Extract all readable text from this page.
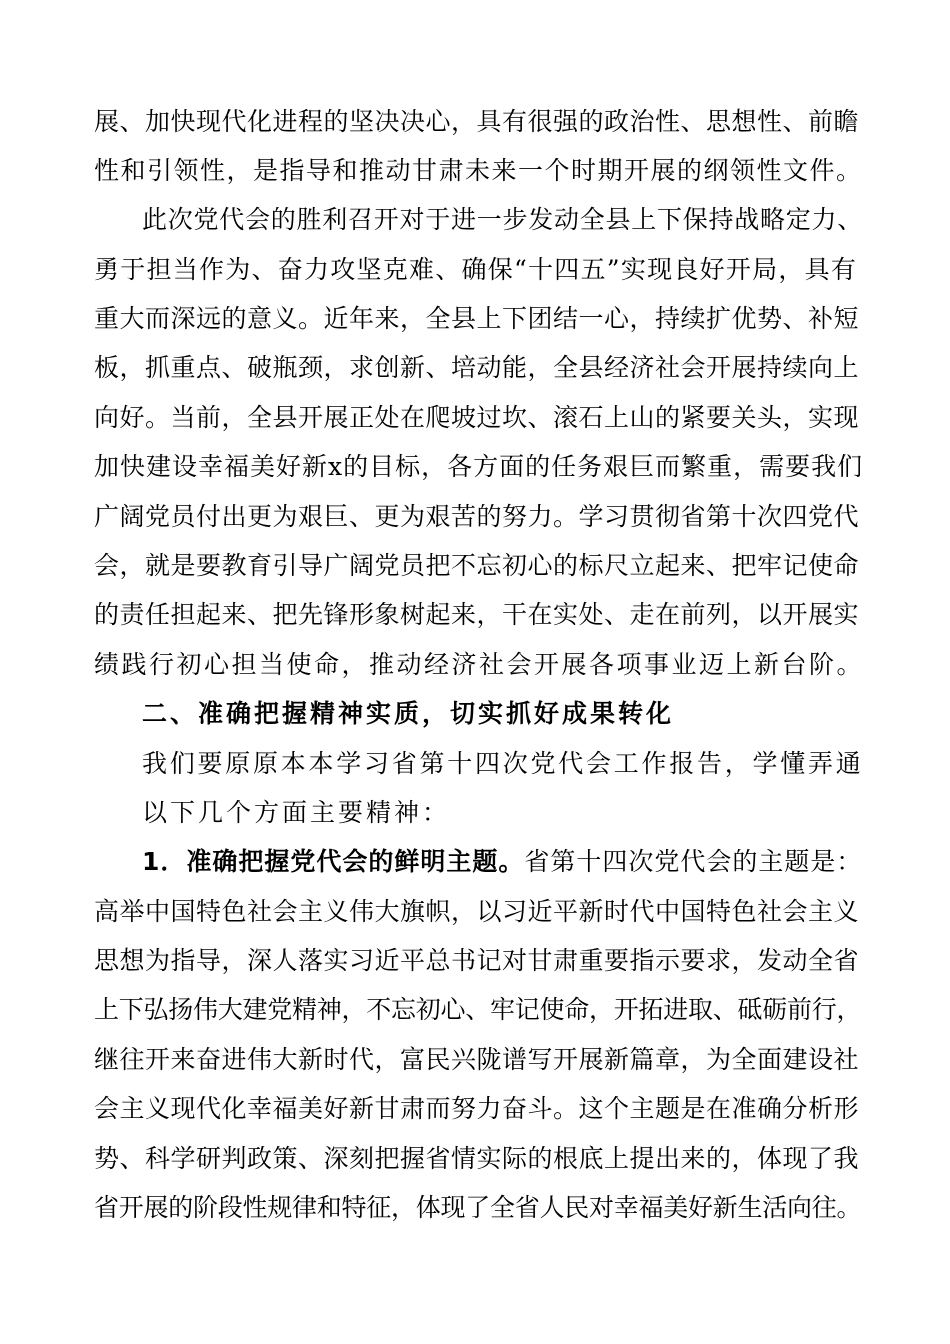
展、加快现代化进程的坚决决心，具有很强的政治性、思想性、前瞻
性和引领性，是指导和推动甘肃未来一个时期开展的纲领性文件。
此次党代会的胜利召开对于进一步发动全县上下保持战略定力、
勇于担当作为、奋力攻坚克难、确保“十四五”实现良好开局，具有
重大而深远的意义。近年来，全县上下团结一心，持续扩优势、补短
板，抓重点、破瓶颈，求创新、培动能，全县经济社会开展持续向上
向好。当前，全县开展正处在爬坡过坎、滚石上山的紧要关头，实现
加快建设幸福美好新x的目标，各方面的任务艰巨而繁重，需要我们
广阔党员付出更为艰巨、更为艰苦的努力。学习贯彻省第十次四党代
会，就是要教育引导广阔党员把不忘初心的标尺立起来、把牢记使命
的责任担起来、把先锋形象树起来，干在实处、走在前列，以开展实
绩践行初心担当使命，推动经济社会开展各项事业迈上新台阶。
二、准确把握精神实质，切实抓好成果转化
我们要原原本本学习省第十四次党代会工作报告，学懂弄通
以下几个方面主要精神：
1．准确把握党代会的鲜明主题。省第十四次党代会的主题是：
高举中国特色社会主义伟大旗帜，以习近平新时代中国特色社会主义
思想为指导，深人落实习近平总书记对甘肃重要指示要求，发动全省
上下弘扬伟大建党精神，不忘初心、牢记使命，开拓进取、砥砺前行，
继往开来奋进伟大新时代，富民兴陇谱写开展新篇章，为全面建设社
会主义现代化幸福美好新甘肃而努力奋斗。这个主题是在准确分析形
势、科学研判政策、深刻把握省情实际的根底上提出来的，体现了我
省开展的阶段性规律和特征，体现了全省人民对幸福美好新生活向往。
